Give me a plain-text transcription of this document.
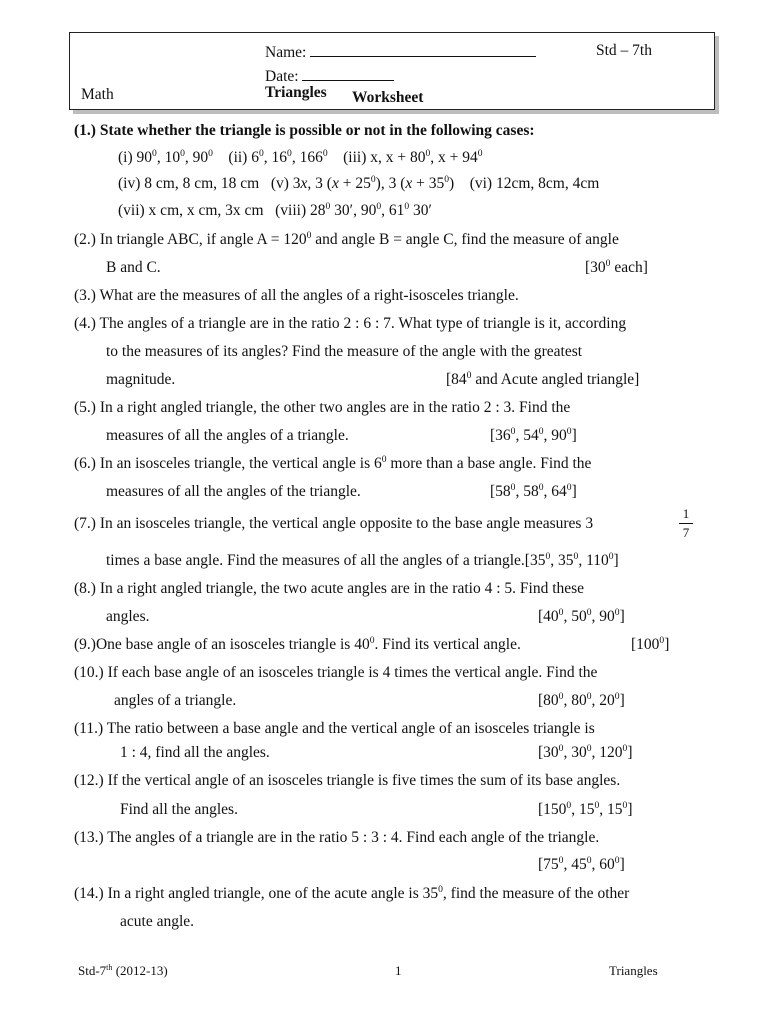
Name:	Std – 7th
Date:
Math	Triangles Worksheet
(1.) State whether the triangle is possible or not in the following cases:
(i) $90^0$, $10^0$, $90^0$ (ii) $6^0$, $16^0$, $166^0$ (iii) x, $x + 80^0$, $x + 94^0$
(iv) 8 cm, 8 cm, 18 cm (v) 3x, 3 $(x + 25^0)$, 3 $(x + 35^0)$    (vi) 12cm, 8cm, 4cm
(vii) x cm, x cm, 3x cm (viii) $28^0$ 30′, $90^0$, $61^0$ 30′
(2.) In triangle ABC, if angle $A = 120^0$ and angle B = angle C, find the measure of angle
B and C.	[$30^0$ each]
(3.) What are the measures of all the angles of a right-isosceles triangle.
(4.) The angles of a triangle are in the ratio 2 : 6 : 7. What type of triangle is it, according
to the measures of its angles? Find the measure of the angle with the greatest
magnitude.	[$84^0$ and Acute angled triangle]
(5.) In a right angled triangle, the other two angles are in the ratio 2 : 3. Find the
measures of all the angles of a triangle.	[$36^0$, $54^0$, $90^0$]
(6.) In an isosceles triangle, the vertical angle is $6^0$ more than a base angle. Find the
measures of all the angles of the triangle.	[$58^0$, $58^0$, $64^0$]
(7.) In an isosceles triangle, the vertical angle opposite to the base angle measures 3
1
7
times a base angle. Find the measures of all the angles of a $triangle.[35^0$, $35^0$, $110^0$]
(8.) In a right angled triangle, the two acute angles are in the ratio 4 : 5. Find these
angles.	[$40^0$, $50^0$, $90^0$]
(9.)One base angle of an isosceles triangle is $40^0$. Find its vertical angle.	$[100^0]$
(10.) If each base angle of an isosceles triangle is 4 times the vertical angle. Find the
angles of a triangle.	[$80^0$, $80^0$, $20^0$]
(11.) The ratio between a base angle and the vertical angle of an isosceles triangle is
1 : 4, find all the angles.	[$30^0$, $30^0$, $120^0$]
(12.) If the vertical angle of an isosceles triangle is five times the sum of its base angles.
Find all the angles.	[$150^0$, $15^0$, $15^0$]
(13.) The angles of a triangle are in the ratio 5 : 3 : 4. Find each angle of the triangle.
[$75^0$, $45^0$, $60^0$]
(14.) In a right angled triangle, one of the acute angle is $35^0$, find the measure of the other
acute angle.
Std-7th (2012-13)	1	Triangles
